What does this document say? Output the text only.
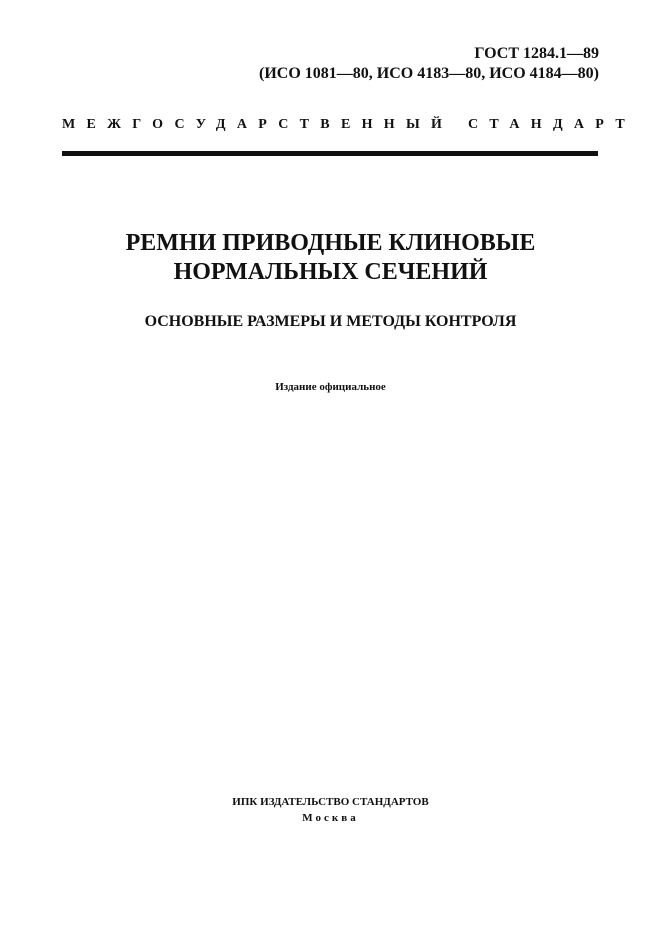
ГОСТ 1284.1—89
(ИСО 1081—80, ИСО 4183—80, ИСО 4184—80)
МЕЖГОСУДАРСТВЕННЫЙ СТАНДАРТ
РЕМНИ ПРИВОДНЫЕ КЛИНОВЫЕ
НОРМАЛЬНЫХ СЕЧЕНИЙ
ОСНОВНЫЕ РАЗМЕРЫ И МЕТОДЫ КОНТРОЛЯ
Издание официальное
ИПК ИЗДАТЕЛЬСТВО СТАНДАРТОВ
Москва
